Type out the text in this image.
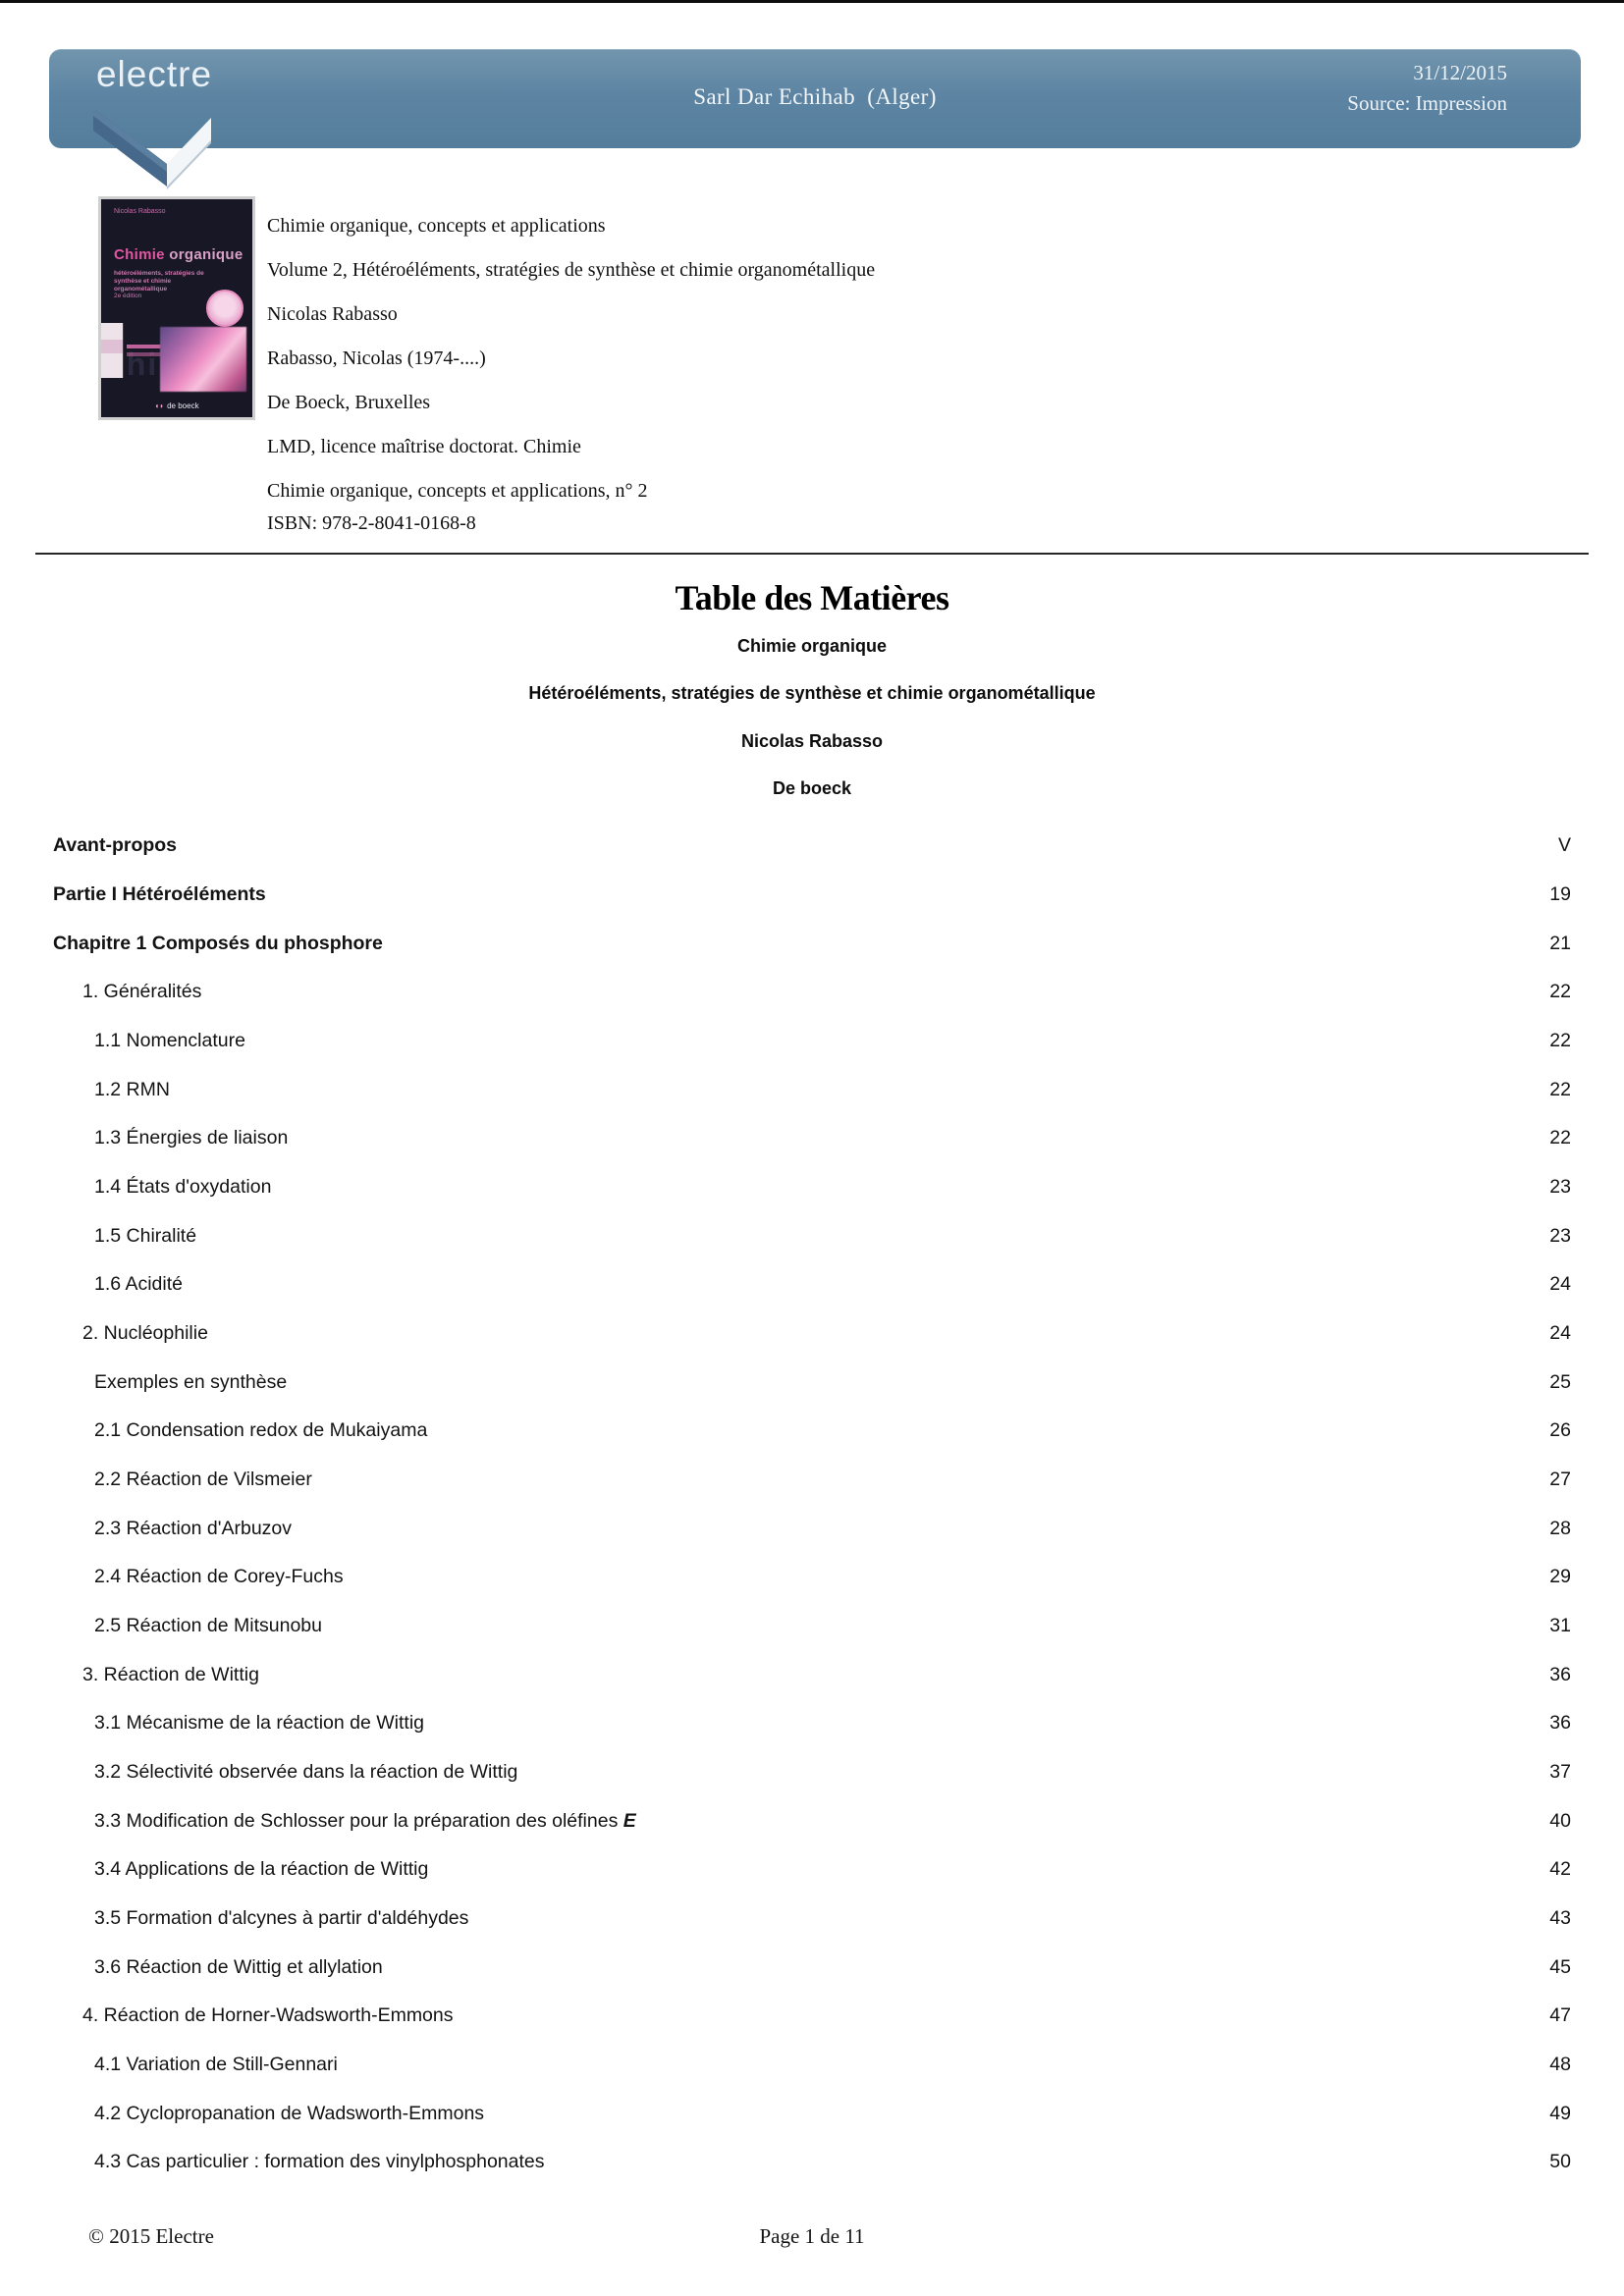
Sarl Dar Echihab  (Alger)
31/12/2015
Source: Impression
electre
Nicolas Rabasso
Chimie organique
hétéroéléments, stratégies de synthèse et chimie organométallique
2e édition
◖◗ de boeck
Chimie organique, concepts et applications
Volume 2, Hétéroéléments, stratégies de synthèse et chimie organométallique
Nicolas Rabasso
Rabasso, Nicolas (1974-....)
De Boeck, Bruxelles
LMD, licence maîtrise doctorat. Chimie
Chimie organique, concepts et applications, n° 2
ISBN: 978-2-8041-0168-8
Table des Matières
Chimie organique
Hétéroéléments, stratégies de synthèse et chimie organométallique
Nicolas Rabasso
De boeck
Avant-propos	V
Partie I Hétéroéléments	19
Chapitre 1 Composés du phosphore	21
1. Généralités	22
1.1 Nomenclature	22
1.2 RMN	22
1.3 Énergies de liaison	22
1.4 États d'oxydation	23
1.5 Chiralité	23
1.6 Acidité	24
2. Nucléophilie	24
Exemples en synthèse	25
2.1 Condensation redox de Mukaiyama	26
2.2 Réaction de Vilsmeier	27
2.3 Réaction d'Arbuzov	28
2.4 Réaction de Corey-Fuchs	29
2.5 Réaction de Mitsunobu	31
3. Réaction de Wittig	36
3.1 Mécanisme de la réaction de Wittig	36
3.2 Sélectivité observée dans la réaction de Wittig	37
3.3 Modification de Schlosser pour la préparation des oléfines E	40
3.4 Applications de la réaction de Wittig	42
3.5 Formation d'alcynes à partir d'aldéhydes	43
3.6 Réaction de Wittig et allylation	45
4. Réaction de Horner-Wadsworth-Emmons	47
4.1 Variation de Still-Gennari	48
4.2 Cyclopropanation de Wadsworth-Emmons	49
4.3 Cas particulier : formation des vinylphosphonates	50
© 2015 Electre	Page 1 de 11
